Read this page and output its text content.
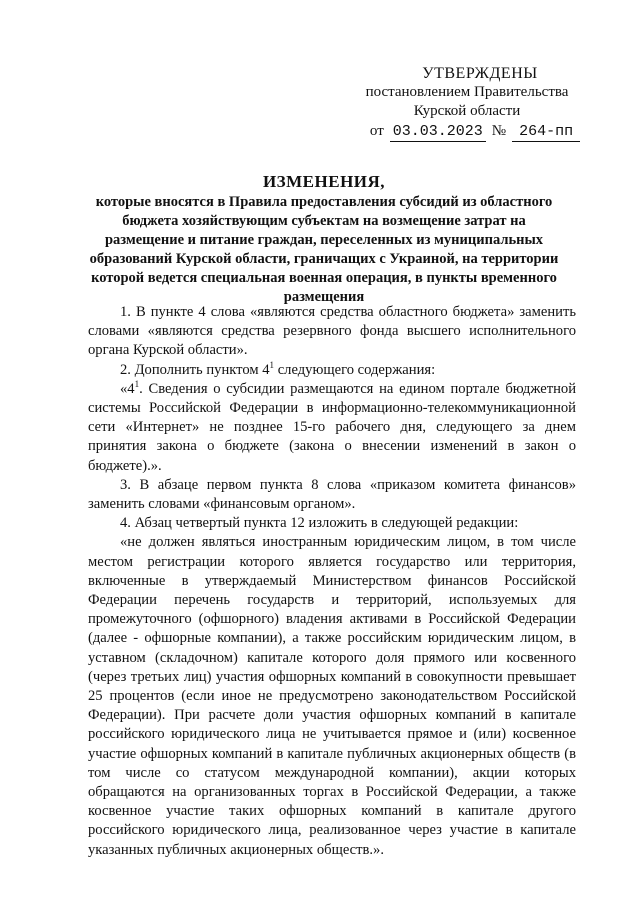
УТВЕРЖДЕНЫ
постановлением Правительства
Курской области
от 03.03.2023 № 264-пп
ИЗМЕНЕНИЯ,
которые вносятся в Правила предоставления субсидий из областного бюджета хозяйствующим субъектам на возмещение затрат на размещение и питание граждан, переселенных из муниципальных образований Курской области, граничащих с Украиной, на территории которой ведется специальная военная операция, в пункты временного размещения

1. В пункте 4 слова «являются средства областного бюджета» заменить словами «являются средства резервного фонда высшего исполнительного органа Курской области».

2. Дополнить пунктом $4^1$ следующего содержания:

«$4^1$. Сведения о субсидии размещаются на едином портале бюджетной системы Российской Федерации в информационно-телекоммуникационной сети «Интернет» не позднее 15-го рабочего дня, следующего за днем принятия закона о бюджете (закона о внесении изменений в закон о бюджете).».

3. В абзаце первом пункта 8 слова «приказом комитета финансов» заменить словами «финансовым органом».

4. Абзац четвертый пункта 12 изложить в следующей редакции:

«не должен являться иностранным юридическим лицом, в том числе местом регистрации которого является государство или территория, включенные в утверждаемый Министерством финансов Российской Федерации перечень государств и территорий, используемых для промежуточного (офшорного) владения активами в Российской Федерации (далее - офшорные компании), а также российским юридическим лицом, в уставном (складочном) капитале которого доля прямого или косвенного (через третьих лиц) участия офшорных компаний в совокупности превышает 25 процентов (если иное не предусмотрено законодательством Российской Федерации). При расчете доли участия офшорных компаний в капитале российского юридического лица не учитывается прямое и (или) косвенное участие офшорных компаний в капитале публичных акционерных обществ (в том числе со статусом международной компании), акции которых обращаются на организованных торгах в Российской Федерации, а также косвенное участие таких офшорных компаний в капитале другого российского юридического лица, реализованное через участие в капитале указанных публичных акционерных обществ.».
